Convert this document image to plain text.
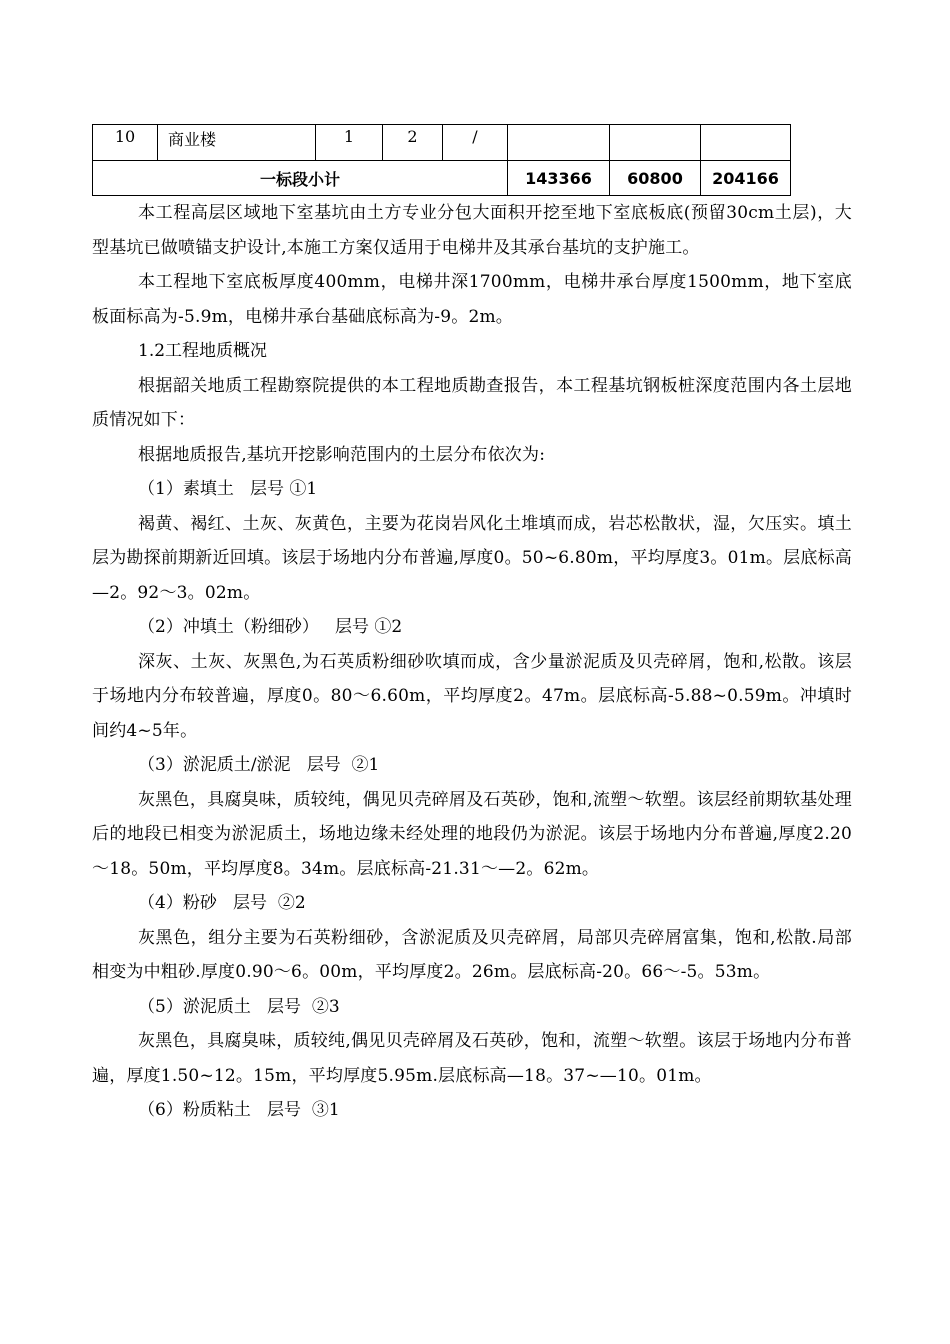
10	商业楼	1	2	/			
一标段小计					143366	60800	204166

本工程高层区域地下室基坑由土方专业分包大面积开挖至地下室底板底(预留30cm土层)，大型基坑已做喷锚支护设计,本施工方案仅适用于电梯井及其承台基坑的支护施工。

本工程地下室底板厚度400mm，电梯井深1700mm，电梯井承台厚度1500mm，地下室底板面标高为-5.9m，电梯井承台基础底标高为-9。2m。

1.2工程地质概况

根据韶关地质工程勘察院提供的本工程地质勘查报告，本工程基坑钢板桩深度范围内各土层地质情况如下：

根据地质报告,基坑开挖影响范围内的土层分布依次为:

（1）素填土   层号 ①1

褐黄、褐红、土灰、灰黄色，主要为花岗岩风化土堆填而成，岩芯松散状，湿，欠压实。填土层为勘探前期新近回填。该层于场地内分布普遍,厚度0。50~6.80m，平均厚度3。01m。层底标高—2。92～3。02m。

（2）冲填土（粉细砂）   层号 ①2

深灰、土灰、灰黑色,为石英质粉细砂吹填而成，含少量淤泥质及贝壳碎屑，饱和,松散。该层于场地内分布较普遍，厚度0。80～6.60m，平均厚度2。47m。层底标高-5.88~0.59m。冲填时间约4~5年。

（3）淤泥质土/淤泥   层号  ②1

灰黑色，具腐臭味，质较纯，偶见贝壳碎屑及石英砂，饱和,流塑～软塑。该层经前期软基处理后的地段已相变为淤泥质土，场地边缘未经处理的地段仍为淤泥。该层于场地内分布普遍,厚度2.20～18。50m，平均厚度8。34m。层底标高-21.31～—2。62m。

（4）粉砂   层号  ②2

灰黑色，组分主要为石英粉细砂，含淤泥质及贝壳碎屑，局部贝壳碎屑富集，饱和,松散.局部相变为中粗砂.厚度0.90～6。00m，平均厚度2。26m。层底标高-20。66～-5。53m。

（5）淤泥质土   层号  ②3

灰黑色，具腐臭味，质较纯,偶见贝壳碎屑及石英砂，饱和，流塑～软塑。该层于场地内分布普遍，厚度1.50~12。15m，平均厚度5.95m.层底标高—18。37~—10。01m。

（6）粉质粘土   层号  ③1
